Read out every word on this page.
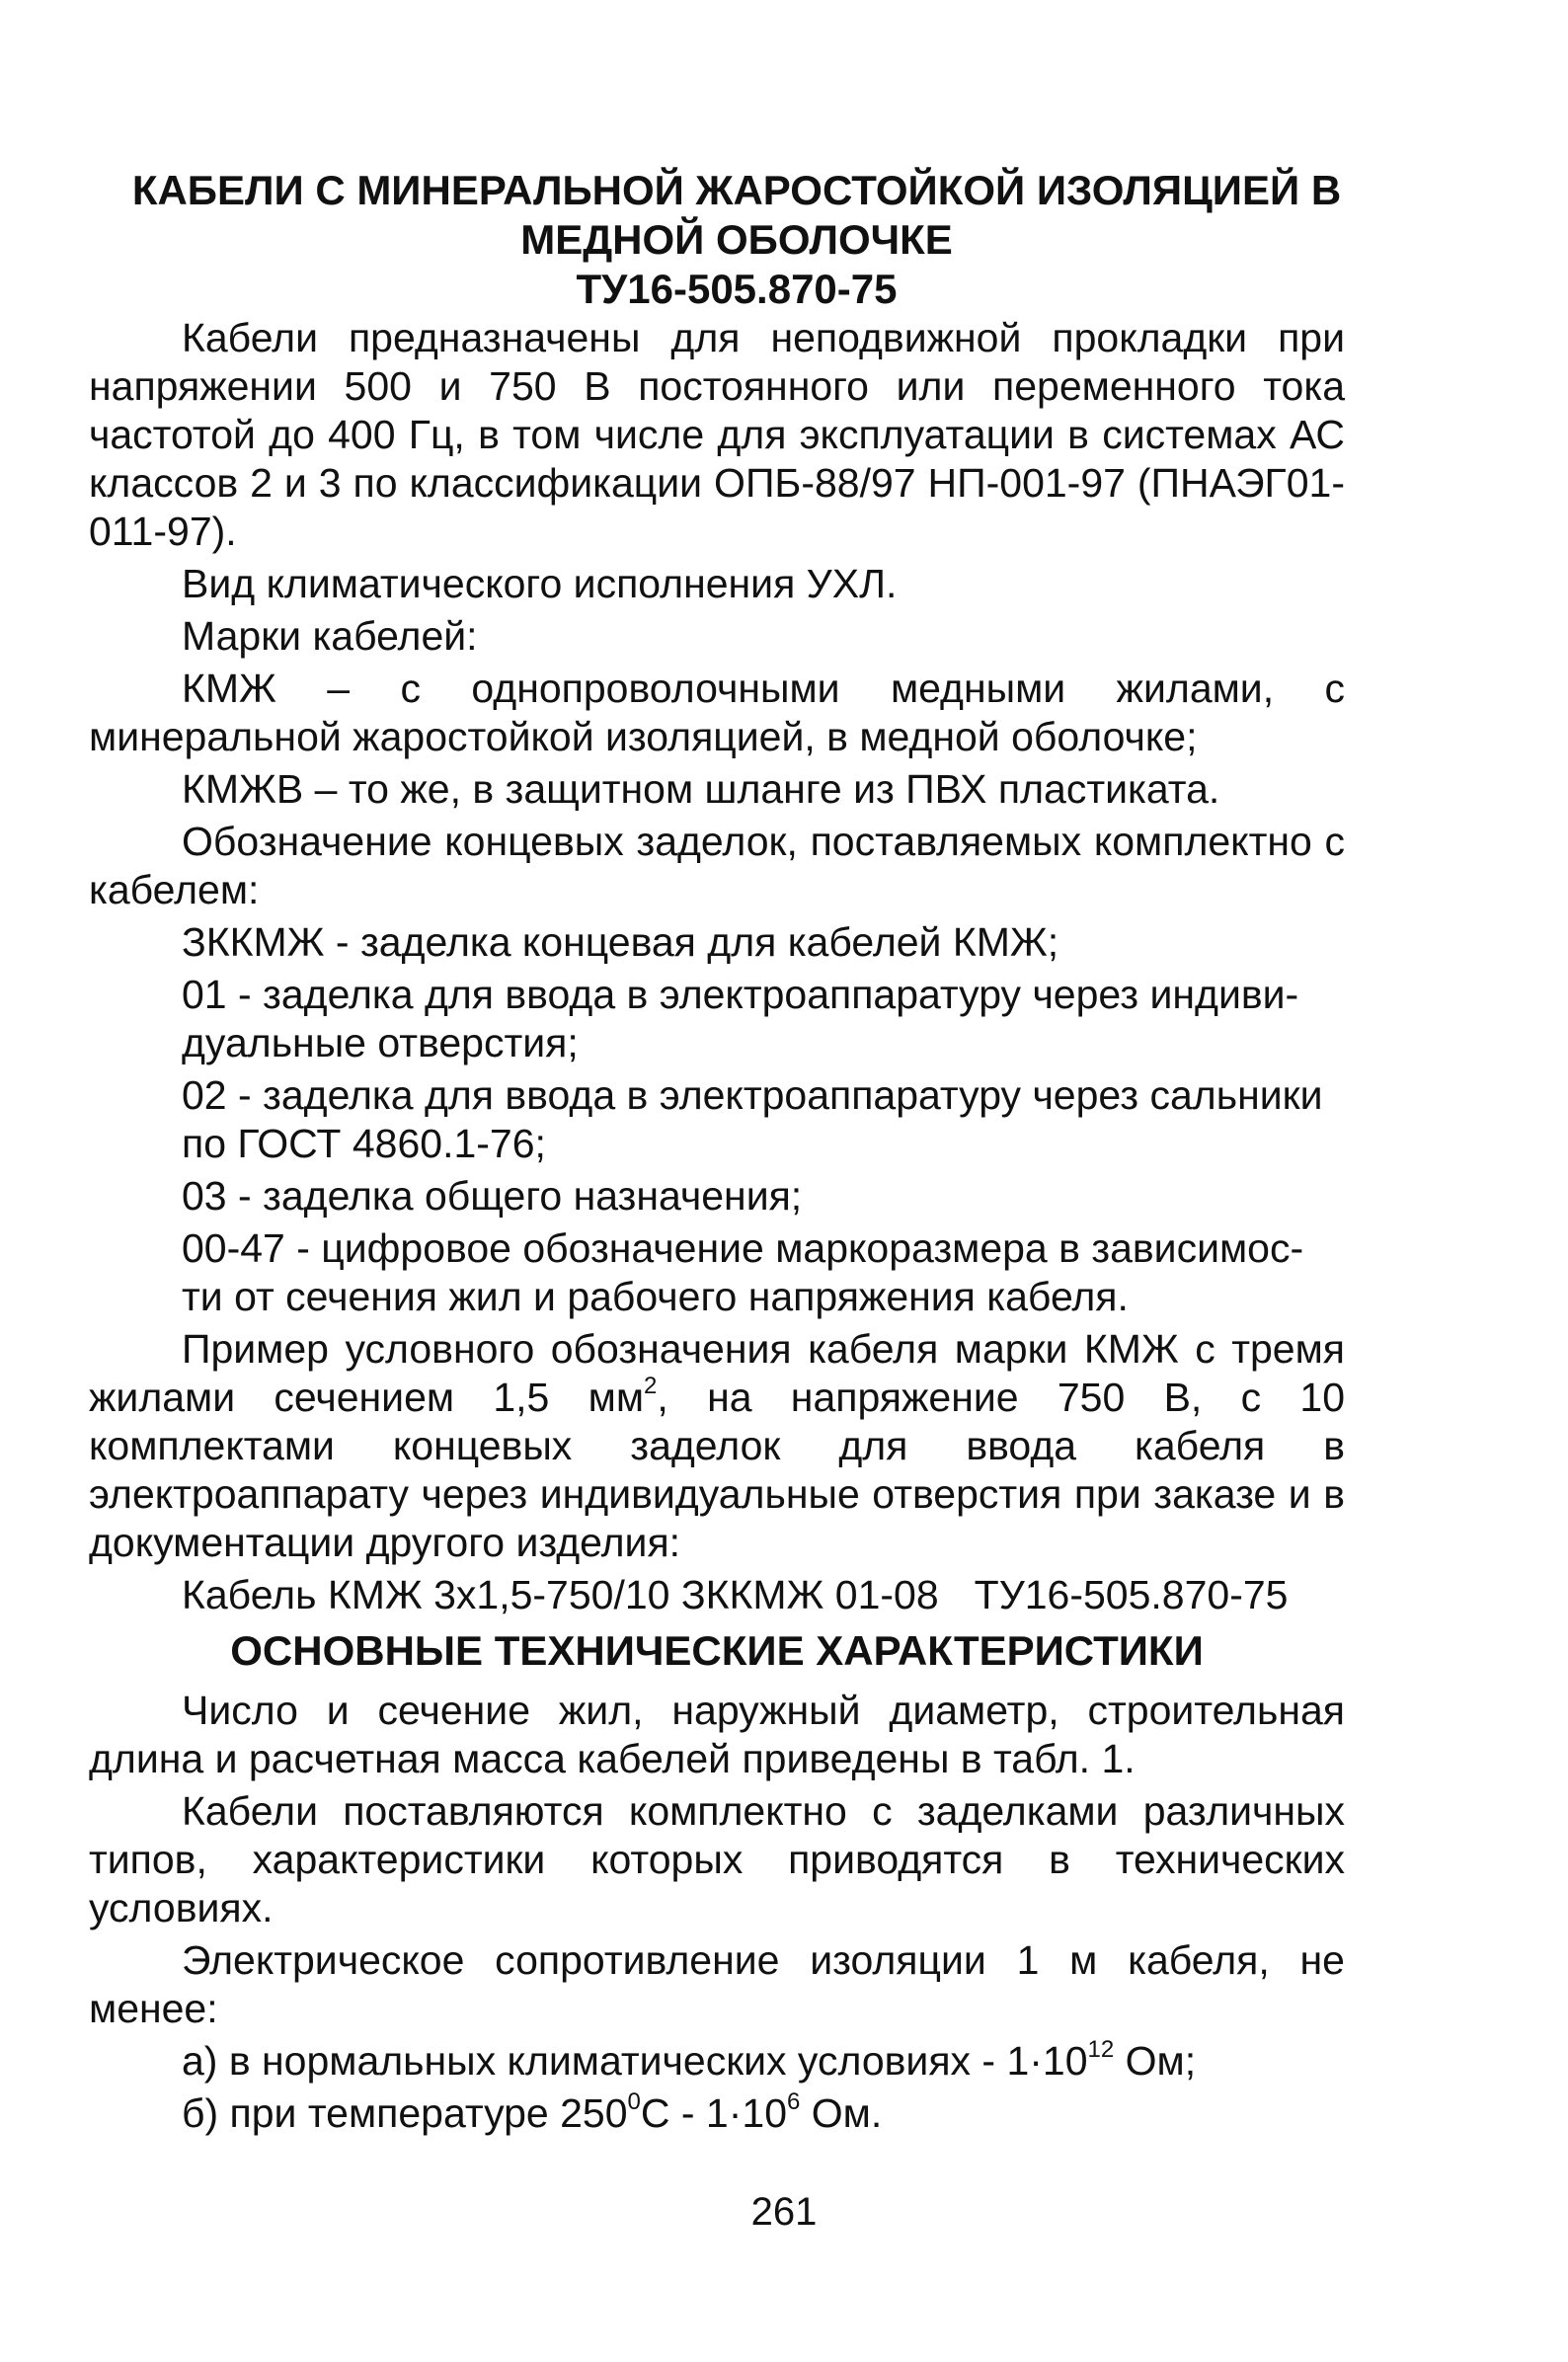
КАБЕЛИ С МИНЕРАЛЬНОЙ ЖАРОСТОЙКОЙ ИЗОЛЯЦИЕЙ В
МЕДНОЙ ОБОЛОЧКЕ
ТУ16-505.870-75

Кабели предназначены для неподвижной прокладки при напряжении 500 и 750 В постоянного или переменного тока частотой до 400 Гц, в том числе для эксплуатации в системах АС классов 2 и 3 по классификации ОПБ-88/97 НП-001-97 (ПНАЭГ01-011-97).

Вид климатического исполнения УХЛ.

Марки кабелей:

КМЖ – с однопроволочными медными жилами, с минеральной жаростойкой изоляцией, в медной оболочке;

КМЖВ – то же, в защитном шланге из ПВХ пластиката.

Обозначение концевых заделок, поставляемых комплектно с кабелем:

ЗККМЖ - заделка концевая для кабелей КМЖ;
01 - заделка для ввода в электроаппаратуру через индиви-
дуальные отверстия;
02 - заделка для ввода в электроаппаратуру через сальники
по ГОСТ 4860.1-76;
03 - заделка общего назначения;
00-47 - цифровое обозначение маркоразмера в зависимос-
ти от сечения жил и рабочего напряжения кабеля.

Пример условного обозначения кабеля марки КМЖ с тремя жилами сечением 1,5 $мм^2$, на напряжение 750 В, с 10 комплектами концевых заделок для ввода кабеля в электроаппарату через индивидуальные отверстия при заказе и в документации другого изделия:

Кабель КМЖ 3х1,5-750/10 ЗККМЖ 01-08 ТУ16-505.870-75
ОСНОВНЫЕ ТЕХНИЧЕСКИЕ ХАРАКТЕРИСТИКИ

Число и сечение жил, наружный диаметр, строительная длина и расчетная масса кабелей приведены в табл. 1.

Кабели поставляются комплектно с заделками различных типов, характеристики которых приводятся в технических условиях.

Электрическое сопротивление изоляции 1 м кабеля, не менее:

а) в нормальных климатических условиях - $1\cdot 10^{12}$ Ом;

б) при температуре $250^0С - 1\cdot 10^6$ Ом.

261
